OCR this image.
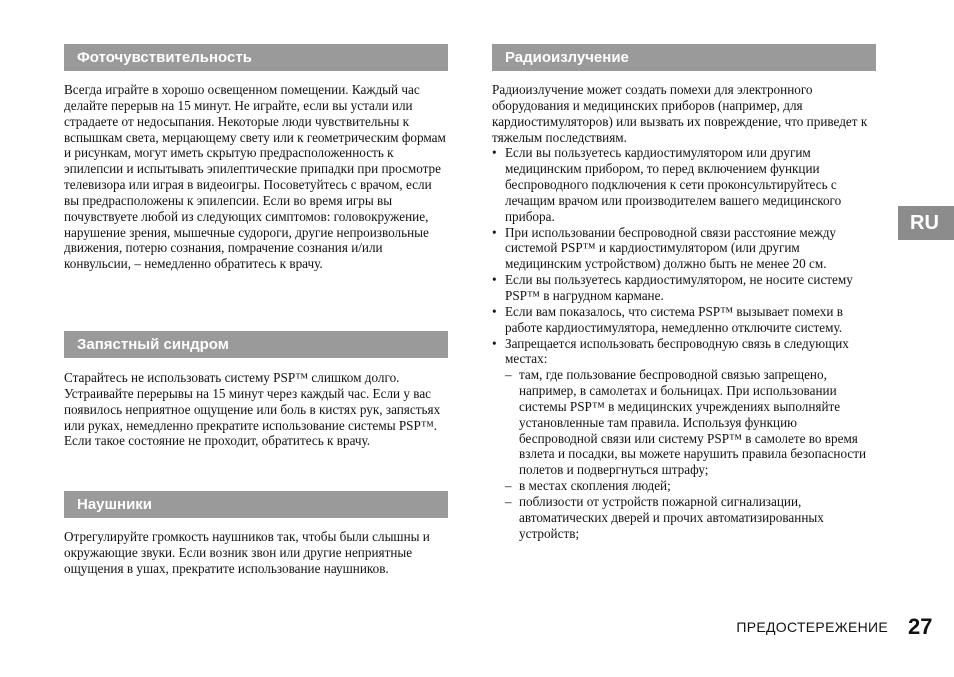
Фоточувствительность

Всегда играйте в хорошо освещенном помещении. Каждый час делайте перерыв на 15 минут. Не играйте, если вы устали или страдаете от недосыпания. Некоторые люди чувствительны к вспышкам света, мерцающему свету или к геометрическим формам и рисункам, могут иметь скрытую предрасположенность к эпилепсии и испытывать эпилептические припадки при просмотре телевизора или играя в видеоигры. Посоветуйтесь с врачом, если вы предрасположены к эпилепсии. Если во время игры вы почувствуете любой из следующих симптомов: головокружение, нарушение зрения, мышечные судороги, другие непроизвольные движения, потерю сознания, помрачение сознания и/или конвульсии, – немедленно обратитесь к врачу.

Запястный синдром

Старайтесь не использовать систему PSP™ слишком долго. Устраивайте перерывы на 15 минут через каждый час. Если у вас появилось неприятное ощущение или боль в кистях рук, запястьях или руках, немедленно прекратите использование системы PSP™. Если такое состояние не проходит, обратитесь к врачу.

Наушники

Отрегулируйте громкость наушников так, чтобы были слышны и окружающие звуки. Если возник звон или другие неприятные ощущения в ушах, прекратите использование наушников.

Радиоизлучение

Радиоизлучение может создать помехи для электронного оборудования и медицинских приборов (например, для кардиостимуляторов) или вызвать их повреждение, что приведет к тяжелым последствиям.

• Если вы пользуетесь кардиостимулятором или другим медицинским прибором, то перед включением функции беспроводного подключения к сети проконсультируйтесь с лечащим врачом или производителем вашего медицинского прибора.
• При использовании беспроводной связи расстояние между системой PSP™ и кардиостимулятором (или другим медицинским устройством) должно быть не менее 20 см.
• Если вы пользуетесь кардиостимулятором, не носите систему PSP™ в нагрудном кармане.
• Если вам показалось, что система PSP™ вызывает помехи в работе кардиостимулятора, немедленно отключите систему.
• Запрещается использовать беспроводную связь в следующих местах:
– там, где пользование беспроводной связью запрещено, например, в самолетах и больницах. При использовании системы PSP™ в медицинских учреждениях выполняйте установленные там правила. Используя функцию беспроводной связи или систему PSP™ в самолете во время взлета и посадки, вы можете нарушить правила безопасности полетов и подвергнуться штрафу;
– в местах скопления людей;
– поблизости от устройств пожарной сигнализации, автоматических дверей и прочих автоматизированных устройств;
RU
ПРЕДОСТЕРЕЖЕНИЕ 27
